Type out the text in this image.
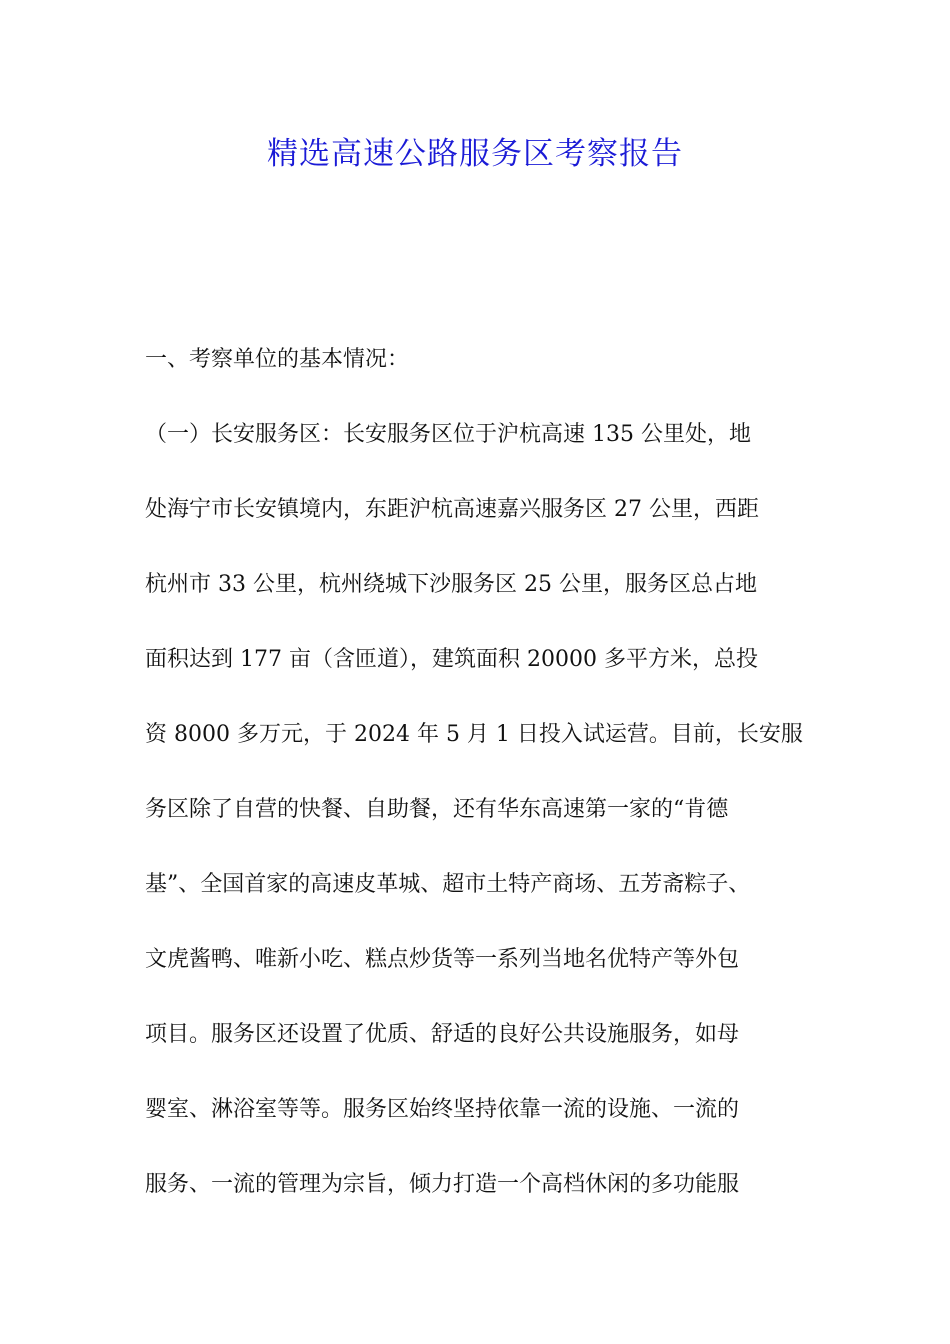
精选高速公路服务区考察报告
一、考察单位的基本情况：
（一）长安服务区：长安服务区位于沪杭高速 135 公里处，地
处海宁市长安镇境内，东距沪杭高速嘉兴服务区 27 公里，西距
杭州市 33 公里，杭州绕城下沙服务区 25 公里，服务区总占地
面积达到 177 亩（含匝道），建筑面积 20000 多平方米，总投
资 8000 多万元，于 2024 年 5 月 1 日投入试运营。目前，长安服
务区除了自营的快餐、自助餐，还有华东高速第一家的“肯德
基”、全国首家的高速皮革城、超市土特产商场、五芳斋粽子、
文虎酱鸭、唯新小吃、糕点炒货等一系列当地名优特产等外包
项目。服务区还设置了优质、舒适的良好公共设施服务，如母
婴室、淋浴室等等。服务区始终坚持依靠一流的设施、一流的
服务、一流的管理为宗旨，倾力打造一个高档休闲的多功能服
